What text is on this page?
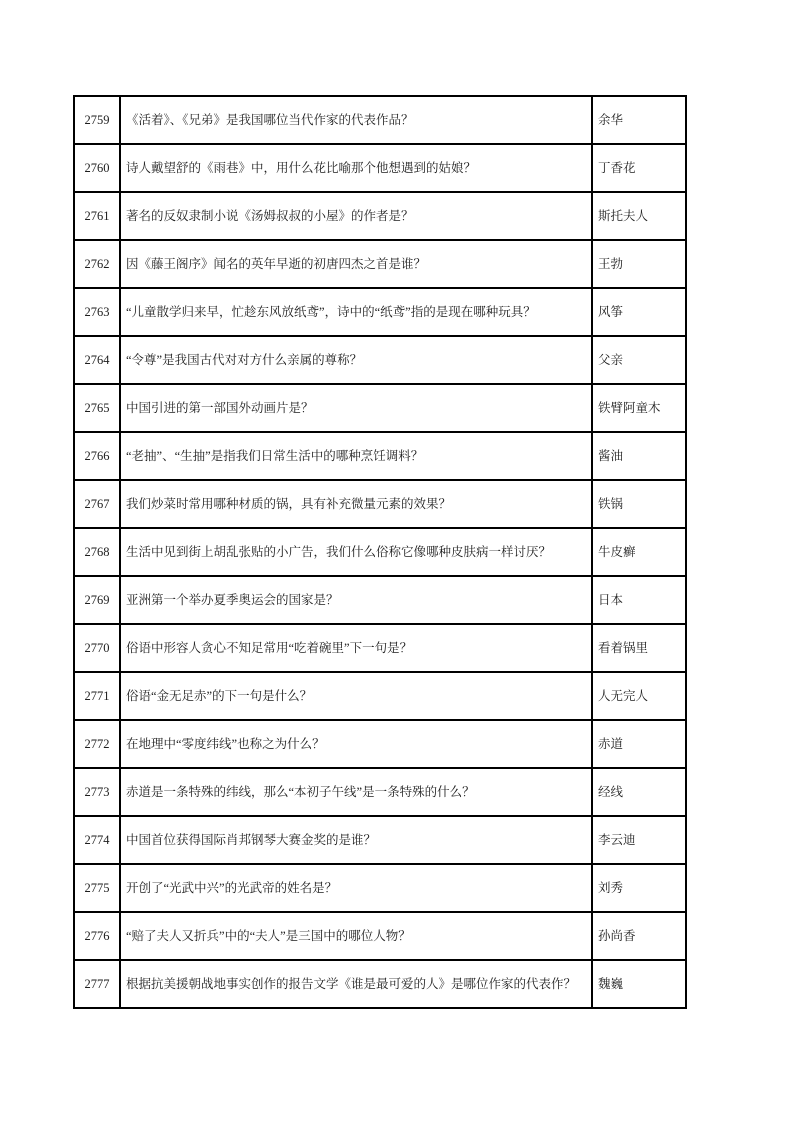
2759	《活着》、《兄弟》是我国哪位当代作家的代表作品？	余华
2760	诗人戴望舒的《雨巷》中，用什么花比喻那个他想遇到的姑娘？	丁香花
2761	著名的反奴隶制小说《汤姆叔叔的小屋》的作者是？	斯托夫人
2762	因《藤王阁序》闻名的英年早逝的初唐四杰之首是谁？	王勃
2763	“儿童散学归来早，忙趁东风放纸鸢”，诗中的“纸鸢”指的是现在哪种玩具？	风筝
2764	“令尊”是我国古代对对方什么亲属的尊称？	父亲
2765	中国引进的第一部国外动画片是？	铁臂阿童木
2766	“老抽”、“生抽”是指我们日常生活中的哪种烹饪调料？	酱油
2767	我们炒菜时常用哪种材质的锅，具有补充微量元素的效果？	铁锅
2768	生活中见到街上胡乱张贴的小广告，我们什么俗称它像哪种皮肤病一样讨厌？	牛皮癣
2769	亚洲第一个举办夏季奥运会的国家是？	日本
2770	俗语中形容人贪心不知足常用“吃着碗里”下一句是？	看着锅里
2771	俗语“金无足赤”的下一句是什么？	人无完人
2772	在地理中“零度纬线”也称之为什么？	赤道
2773	赤道是一条特殊的纬线，那么“本初子午线”是一条特殊的什么？	经线
2774	中国首位获得国际肖邦钢琴大赛金奖的是谁？	李云迪
2775	开创了“光武中兴”的光武帝的姓名是？	刘秀
2776	“赔了夫人又折兵”中的“夫人”是三国中的哪位人物？	孙尚香
2777	根据抗美援朝战地事实创作的报告文学《谁是最可爱的人》是哪位作家的代表作？	魏巍
